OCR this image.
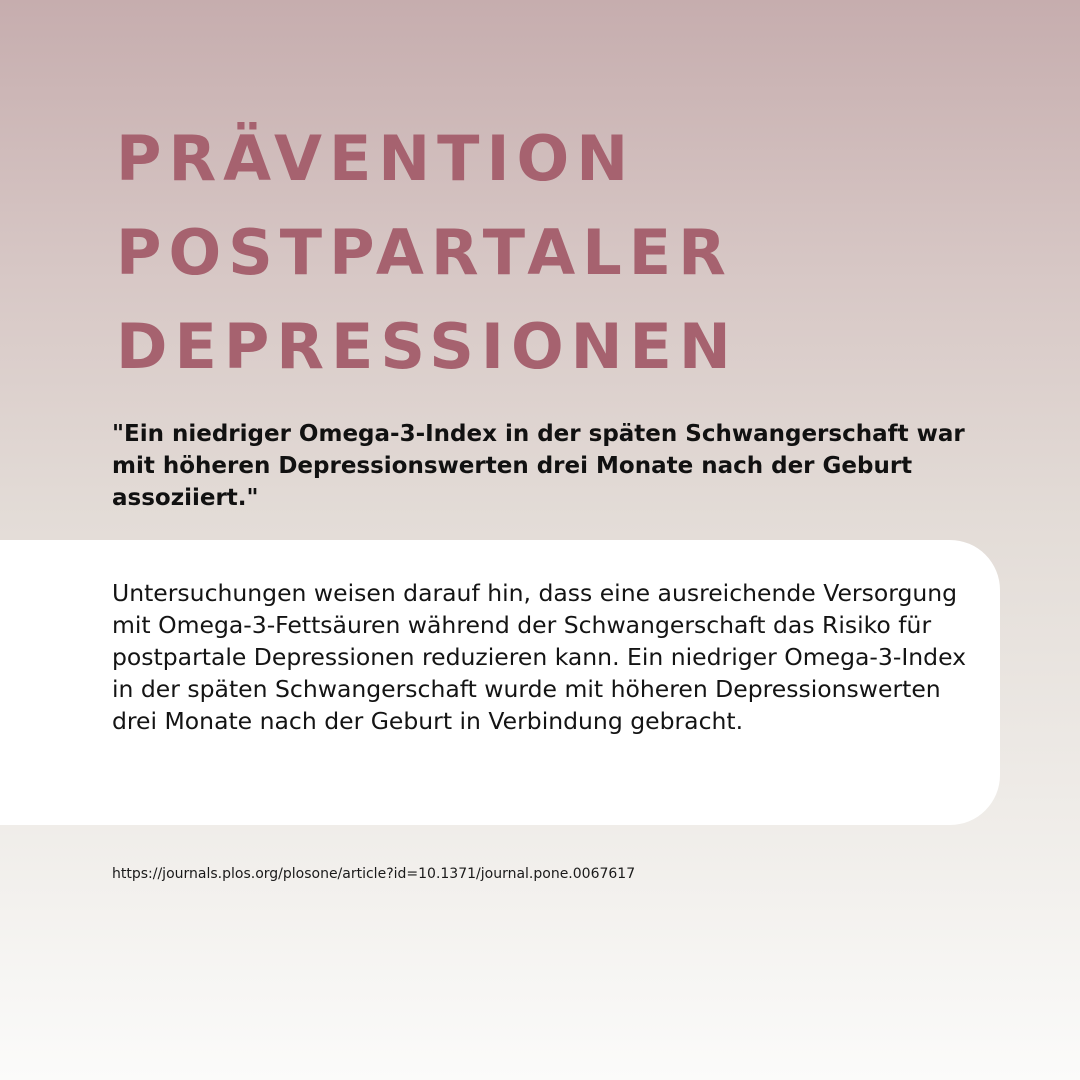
PRÄVENTION
POSTPARTALER
DEPRESSIONEN

"Ein niedriger Omega-3-Index in der späten Schwangerschaft war mit höheren Depressionswerten drei Monate nach der Geburt assoziiert."

Untersuchungen weisen darauf hin, dass eine ausreichende Versorgung mit Omega-3-Fettsäuren während der Schwangerschaft das Risiko für postpartale Depressionen reduzieren kann. Ein niedriger Omega-3-Index in der späten Schwangerschaft wurde mit höheren Depressionswerten drei Monate nach der Geburt in Verbindung gebracht.

https://journals.plos.org/plosone/article?id=10.1371/journal.pone.0067617
